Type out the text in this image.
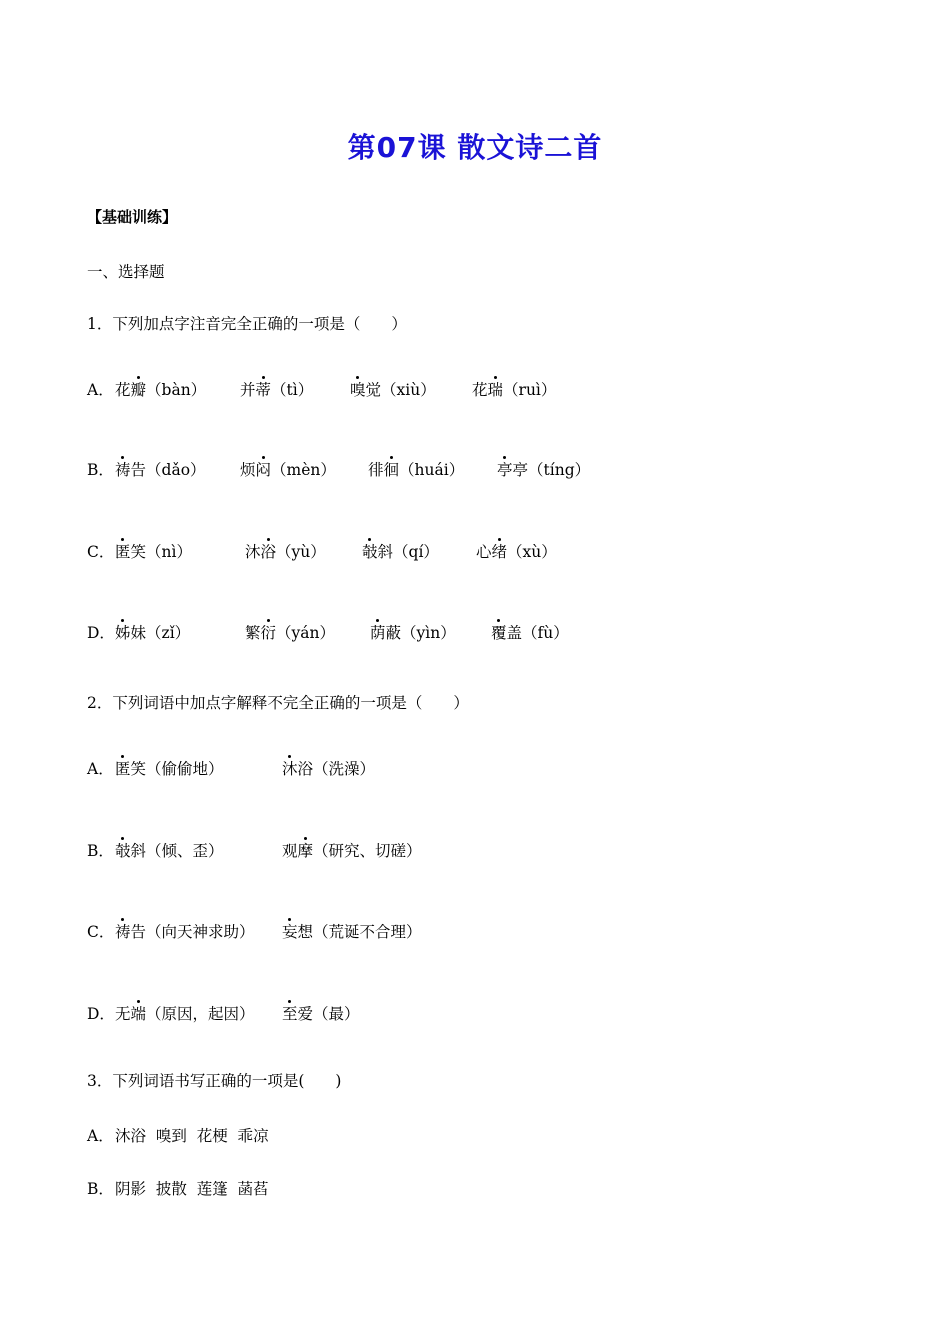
第07课 散文诗二首
【基础训练】
一、选择题
1．下列加点字注音完全正确的一项是（　　）
A． 花瓣（bàn） 并蒂（tì） 嗅觉（xiù） 花瑞（ruì）
B． 祷告（dǎo） 烦闷（mèn） 徘徊（huái） 亭亭（tíng）
C． 匿笑（nì）	沐浴（yù） 攲斜（qí） 心绪（xù）
D． 姊妹（zǐ）	繁衍（yán） 荫蔽（yìn） 覆盖（fù）
2．下列词语中加点字解释不完全正确的一项是（　　）
A． 匿笑（偷偷地）	沐浴（洗澡）
B． 攲斜（倾、歪）	观摩（研究、切磋）
C． 祷告（向天神求助） 妄想（荒诞不合理）
D． 无端（原因，起因） 至爱（最）
3．下列词语书写正确的一项是(　　)
A．沐浴  嗅到  花梗  乖凉
B．阴影  披散  莲篷  菡萏
